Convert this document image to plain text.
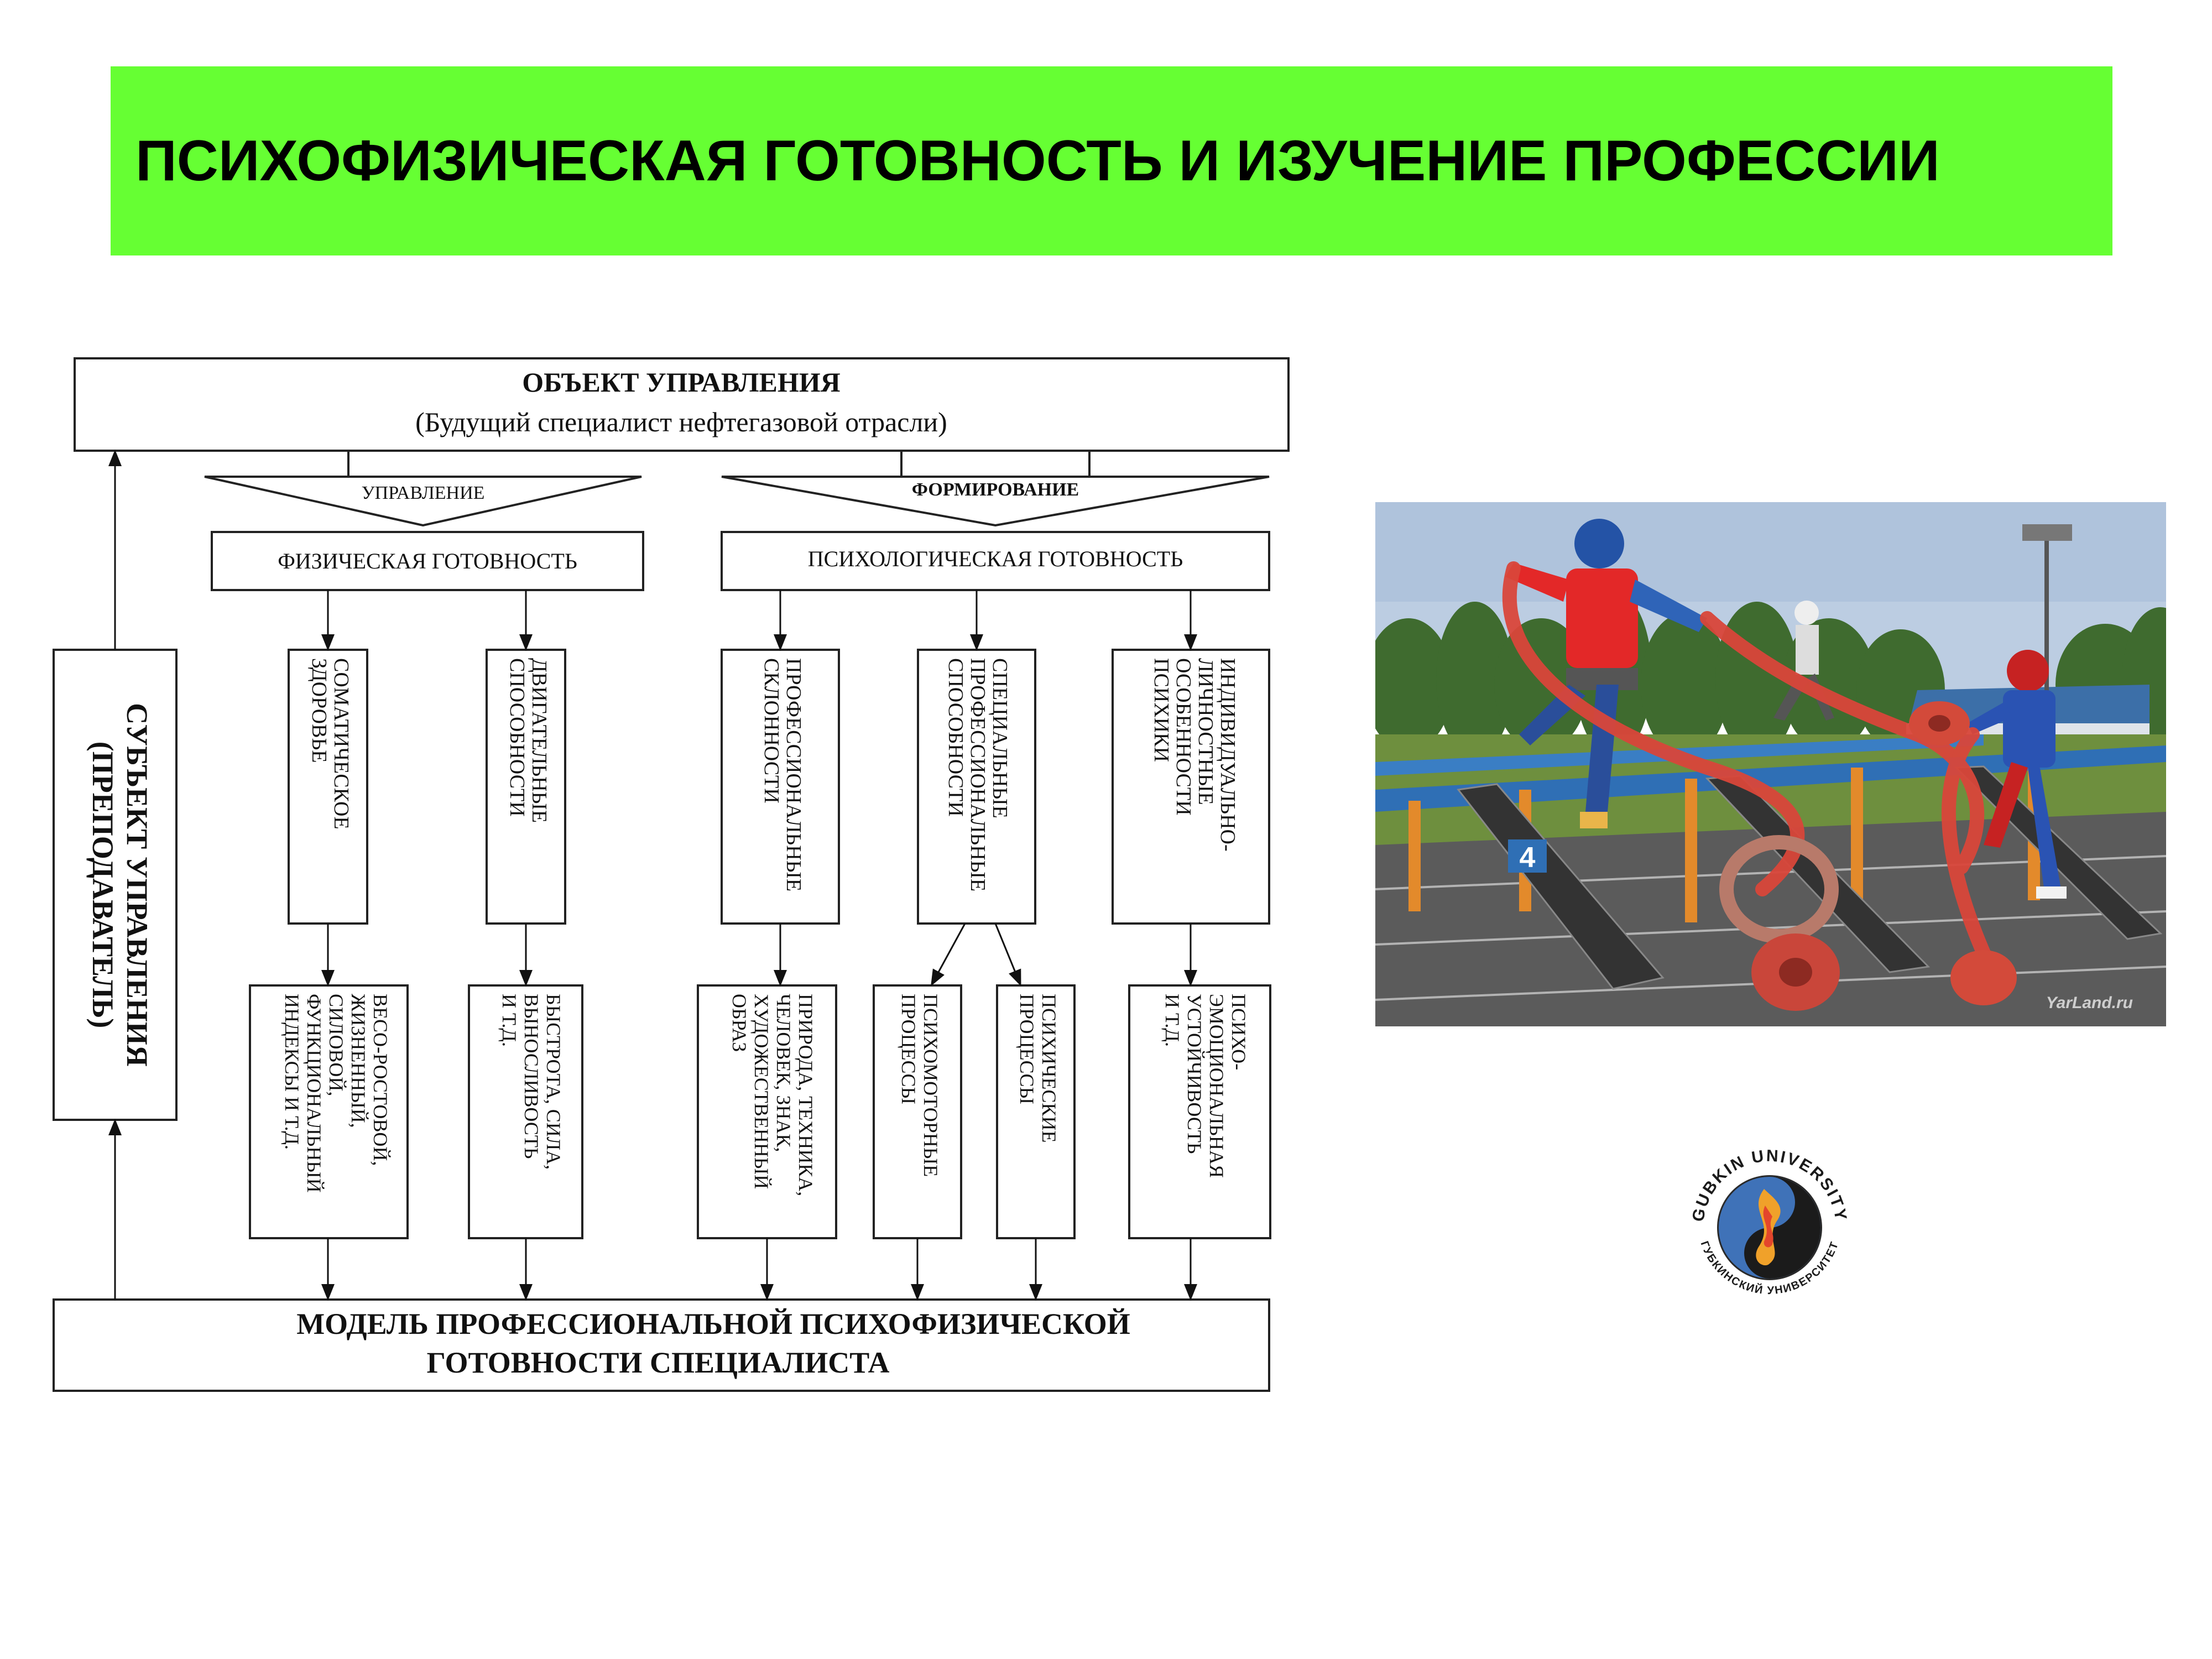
ПСИХОФИЗИЧЕСКАЯ ГОТОВНОСТЬ И ИЗУЧЕНИЕ ПРОФЕССИИ
ОБЪЕКТ УПРАВЛЕНИЯ
(Будущий специалист нефтегазовой отрасли)
УПРАВЛЕНИЕ	ФОРМИРОВАНИЕ
ФИЗИЧЕСКАЯ ГОТОВНОСТЬ	ПСИХОЛОГИЧЕСКАЯ ГОТОВНОСТЬ
СУБЪЕКТ УПРАВЛЕНИЯ
(ПРЕПОДАВАТЕЛЬ)	СОМАТИЧЕСКОЕ
ЗДОРОВЬЕ	ДВИГАТЕЛЬНЫЕ
СПОСОБНОСТИ	ПРОФЕССИОНАЛЬНЫЕ
СКЛОННОСТИ	СПЕЦИАЛЬНЫЕ
ПРОФЕССИОНАЛЬНЫЕ
СПОСОБНОСТИ	ИНДИВИДУАЛЬНО-
ЛИЧНОСТНЫЕ
ОСОБЕННОСТИ
ПСИХИКИ
ВЕСО-РОСТОВОЙ,
ЖИЗНЕННЫЙ,
СИЛОВОЙ,
ФУНКЦИОНАЛЬНЫЙ
ИНДЕКСЫ И Т.Д.	БЫСТРОТА, СИЛА,
ВЫНОСЛИВОСТЬ
И Т.Д.	ПРИРОДА, ТЕХНИКА,
ЧЕЛОВЕК, ЗНАК,
ХУДОЖЕСТВЕННЫЙ
ОБРАЗ	ПСИХОМОТОРНЫЕ
ПРОЦЕССЫ	ПСИХИЧЕСКИЕ
ПРОЦЕССЫ	ПСИХО-
ЭМОЦИОНАЛЬНАЯ
УСТОЙЧИВОСТЬ
И Т.Д.
МОДЕЛЬ ПРОФЕССИОНАЛЬНОЙ ПСИХОФИЗИЧЕСКОЙ
ГОТОВНОСТИ СПЕЦИАЛИСТА
4
YarLand.ru
GUBKIN UNIVERSITY
ГУБКИНСКИЙ УНИВЕРСИТЕТ
